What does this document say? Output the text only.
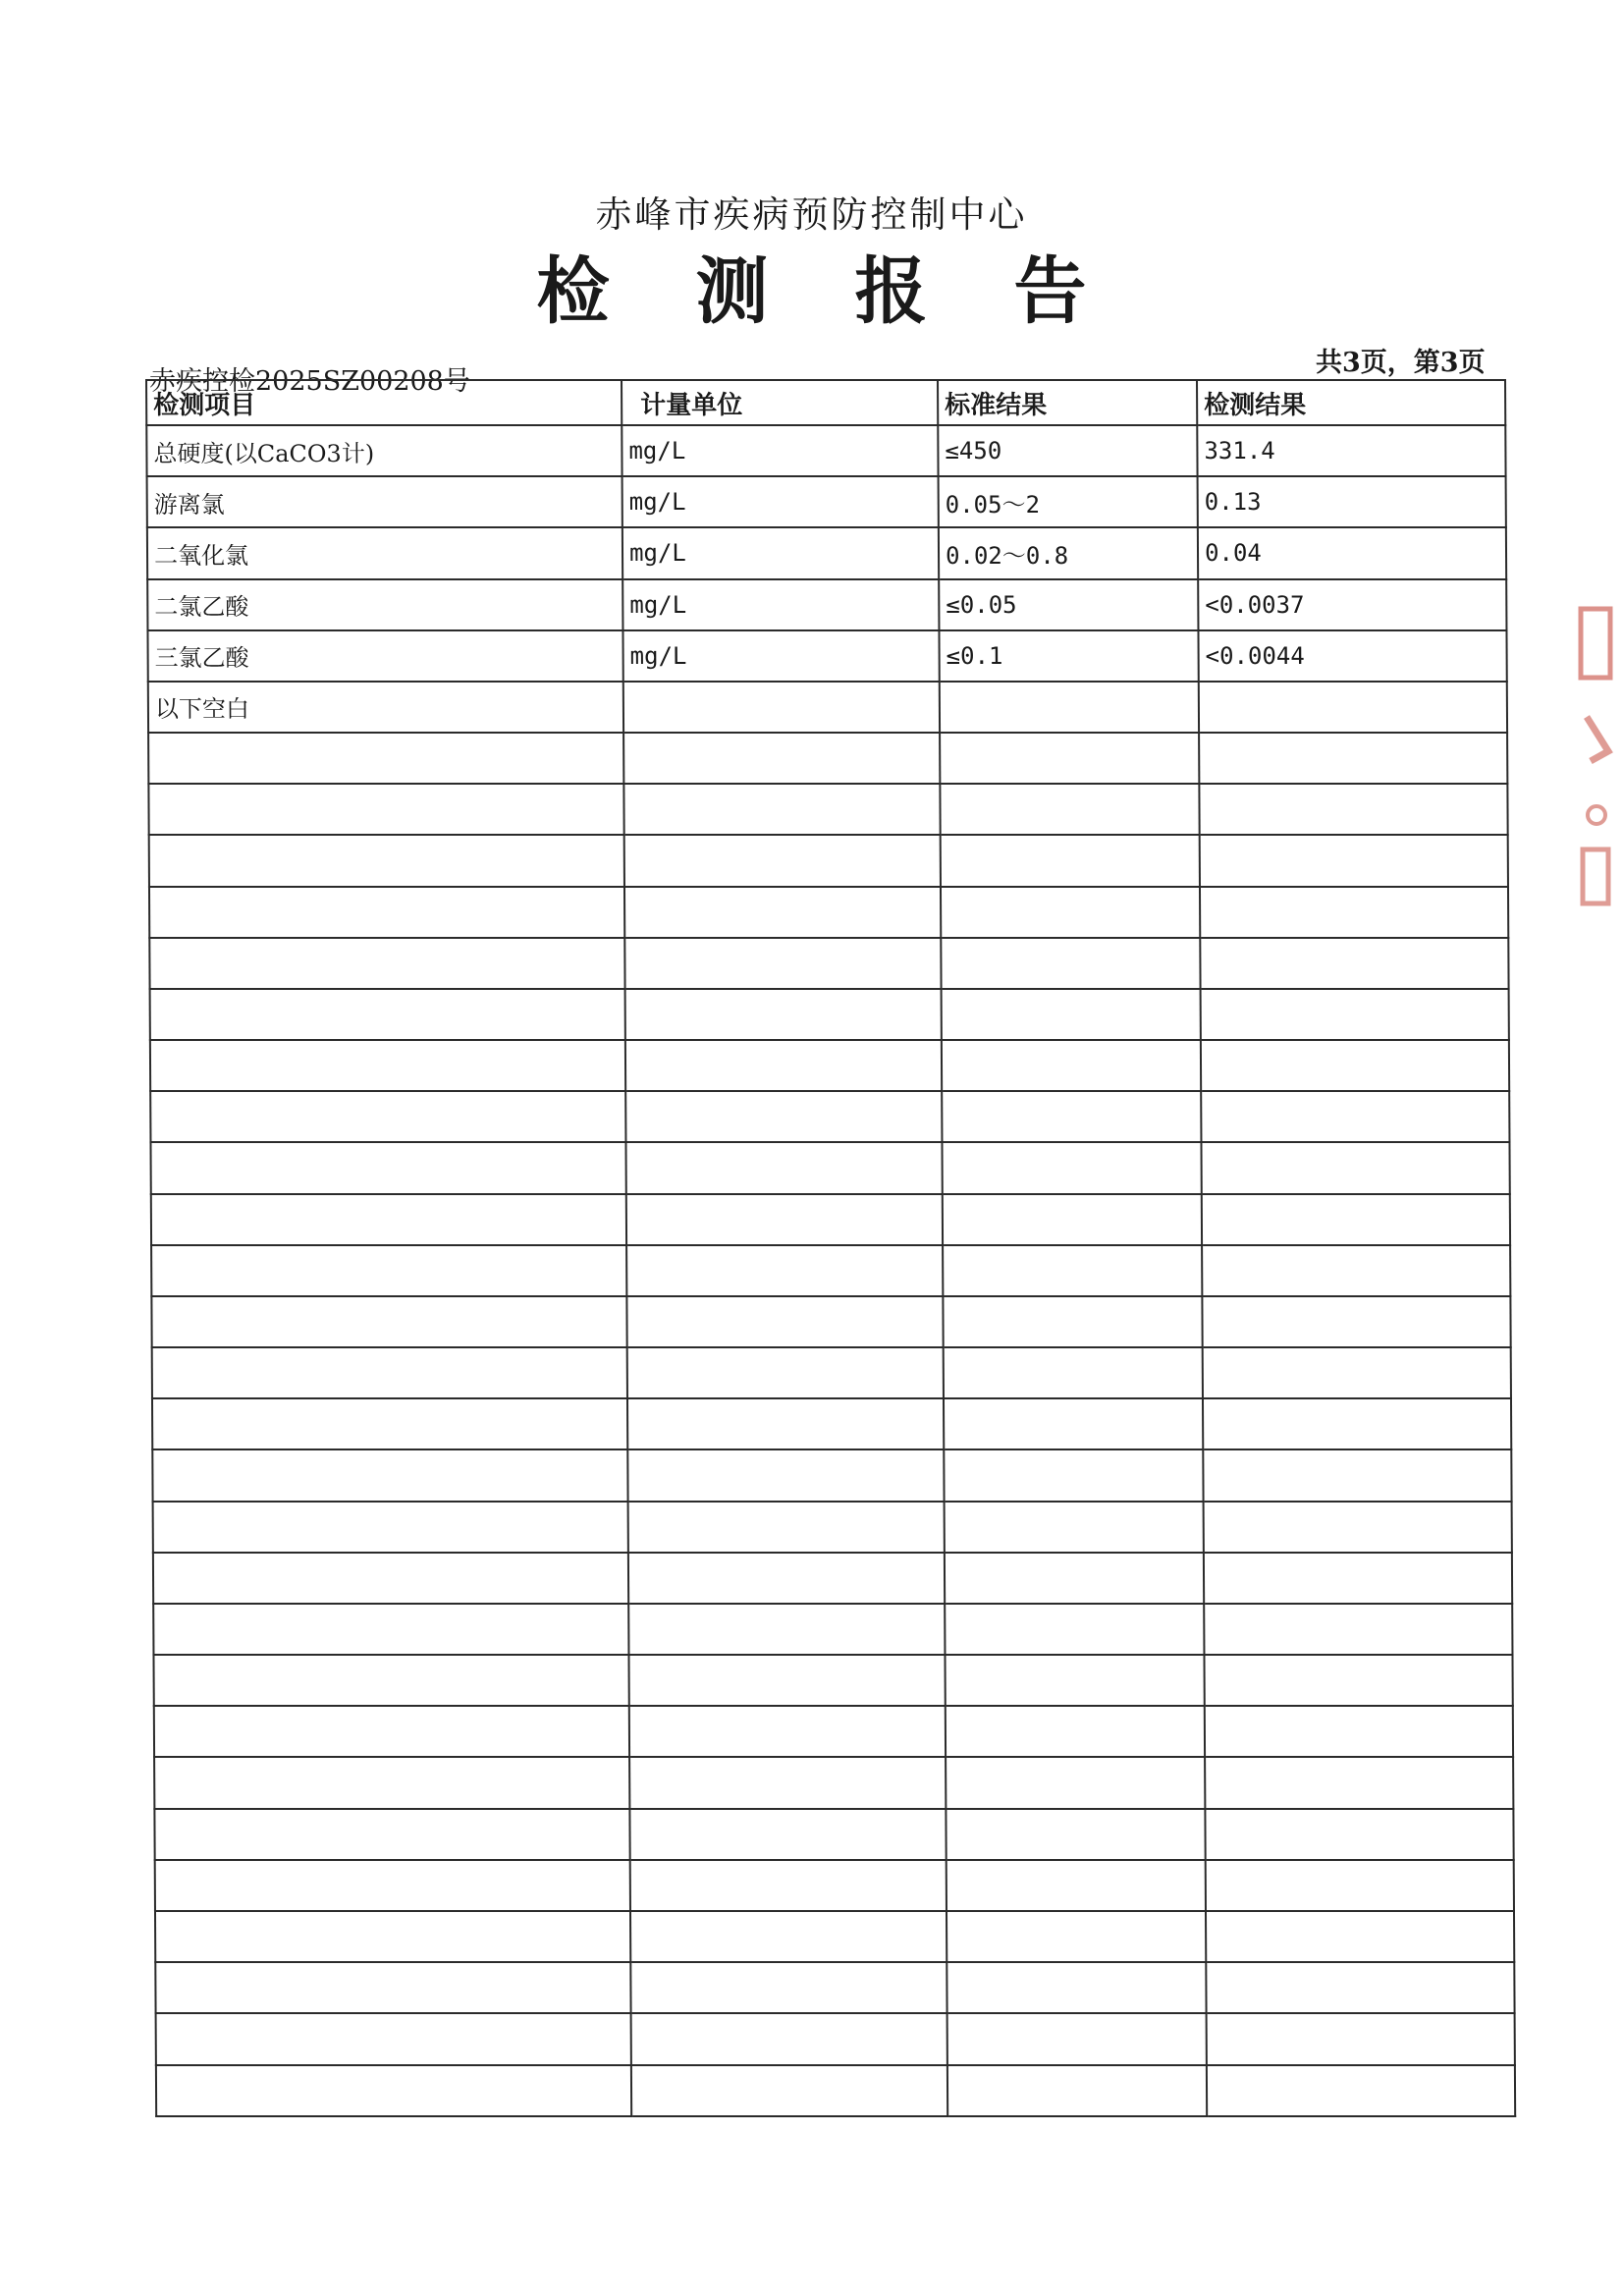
赤峰市疾病预防控制中心
检测报告
赤疾控检2025SZ00208号
共3页，第3页
检测项目	计量单位	标准结果	检测结果
总硬度(以CaCO3计)	mg/L	≤450	331.4
游离氯	mg/L	0.05～2	0.13
二氧化氯	mg/L	0.02～0.8	0.04
二氯乙酸	mg/L	≤0.05	<0.0037
三氯乙酸	mg/L	≤0.1	<0.0044
以下空白			
